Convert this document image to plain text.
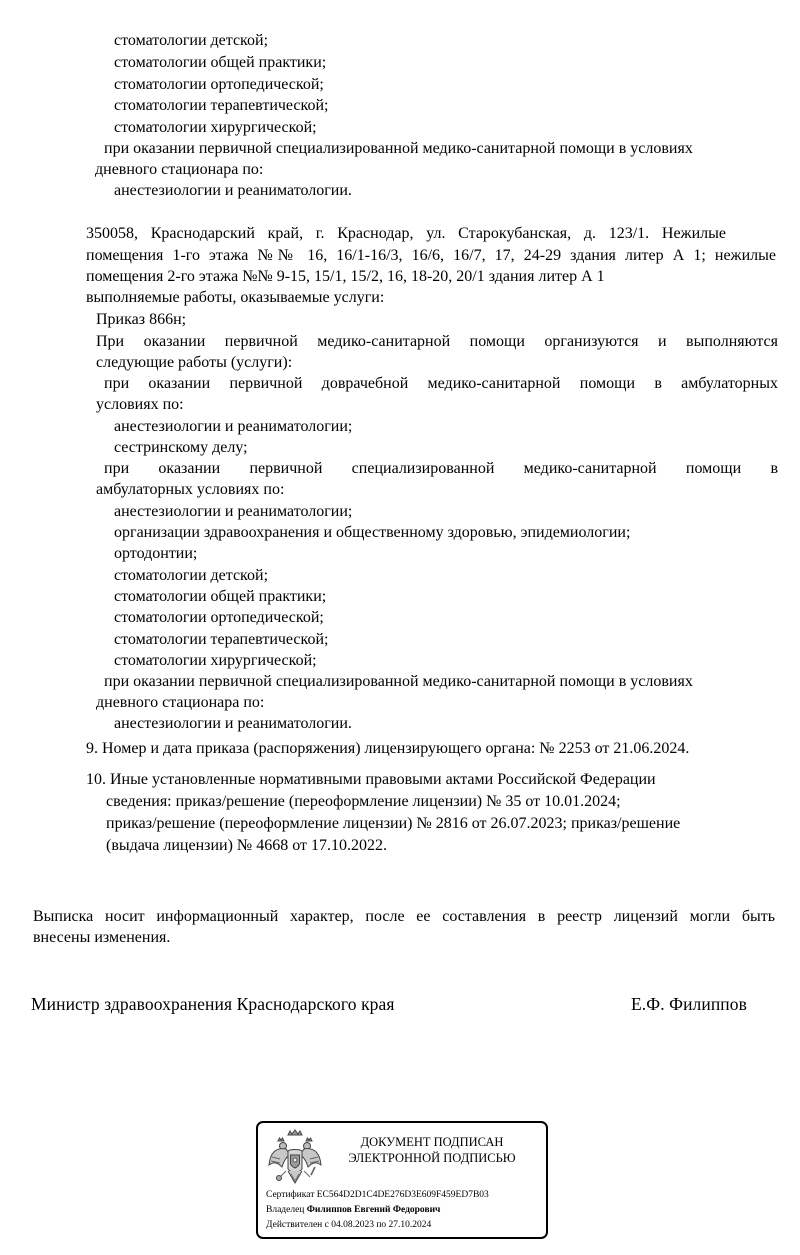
стоматологии детской;
стоматологии общей практики;
стоматологии ортопедической;
стоматологии терапевтической;
стоматологии хирургической;
при оказании первичной специализированной медико-санитарной помощи в условиях
дневного стационара по:
анестезиологии и реаниматологии.
350058, Краснодарский край, г. Краснодар, ул. Старокубанская, д. 123/1. Нежилые
помещения 1-го этажа №№ 16, 16/1-16/3, 16/6, 16/7, 17, 24-29 здания литер А 1; нежилые
помещения 2-го этажа №№ 9-15, 15/1, 15/2, 16, 18-20, 20/1 здания литер А 1
выполняемые работы, оказываемые услуги:
Приказ 866н;
При оказании первичной медико-санитарной помощи организуются и выполняются
следующие работы (услуги):
при оказании первичной доврачебной медико-санитарной помощи в амбулаторных
условиях по:
анестезиологии и реаниматологии;
сестринскому делу;
при оказании первичной специализированной медико-санитарной помощи в
амбулаторных условиях по:
анестезиологии и реаниматологии;
организации здравоохранения и общественному здоровью, эпидемиологии;
ортодонтии;
стоматологии детской;
стоматологии общей практики;
стоматологии ортопедической;
стоматологии терапевтической;
стоматологии хирургической;
при оказании первичной специализированной медико-санитарной помощи в условиях
дневного стационара по:
анестезиологии и реаниматологии.
9. Номер и дата приказа (распоряжения) лицензирующего органа: № 2253 от 21.06.2024.
10. Иные установленные нормативными правовыми актами Российской Федерации
сведения: приказ/решение (переоформление лицензии) № 35 от 10.01.2024;
приказ/решение (переоформление лицензии) № 2816 от 26.07.2023; приказ/решение
(выдача лицензии) № 4668 от 17.10.2022.
Выписка носит информационный характер, после ее составления в реестр лицензий могли быть
внесены изменения.
Министр здравоохранения Краснодарского края	Е.Ф. Филиппов
ДОКУМЕНТ ПОДПИСАН
ЭЛЕКТРОННОЙ ПОДПИСЬЮ
Сертификат EC564D2D1C4DE276D3E609F459ED7B03
Владелец Филиппов Евгений Федорович
Действителен с 04.08.2023 по 27.10.2024
